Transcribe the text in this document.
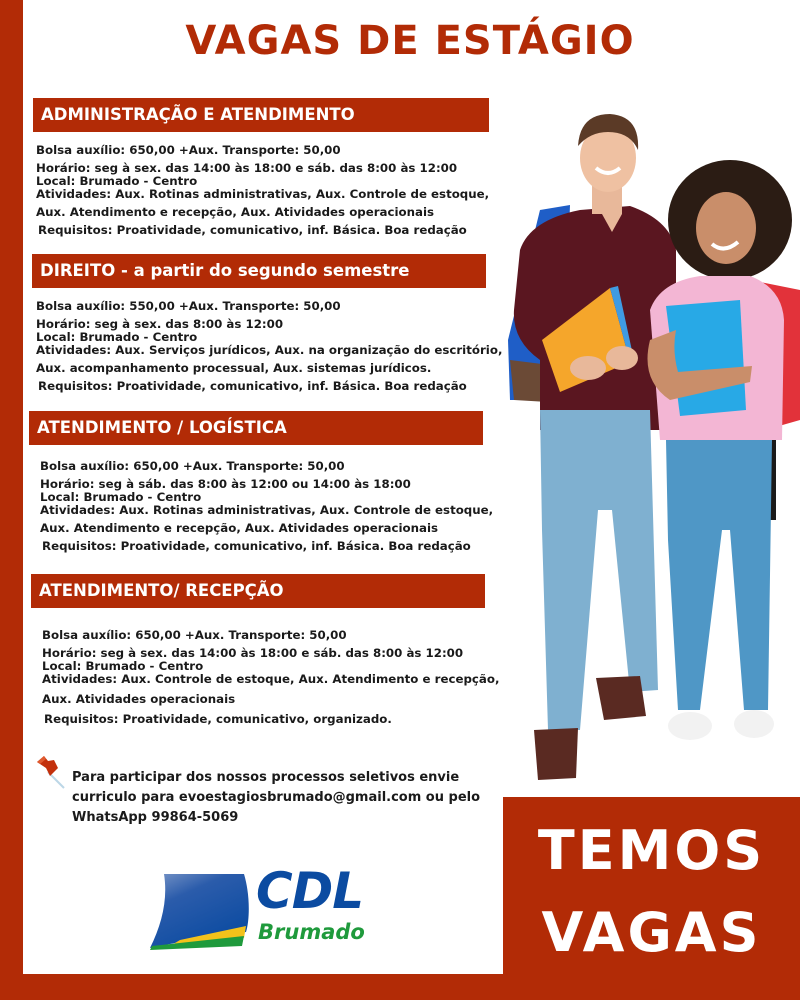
VAGAS DE ESTÁGIO
ADMINISTRAÇÃO E ATENDIMENTO
Bolsa auxílio: 650,00 +Aux. Transporte: 50,00
Horário: seg à sex. das 14:00 às 18:00 e sáb. das 8:00 às 12:00
Local: Brumado - Centro
Atividades: Aux. Rotinas administrativas, Aux. Controle de estoque,
Aux. Atendimento e recepção, Aux. Atividades operacionais
Requisitos: Proatividade, comunicativo, inf. Básica. Boa redação
DIREITO - a partir do segundo semestre
Bolsa auxílio: 550,00 +Aux. Transporte: 50,00
Horário: seg à sex. das 8:00 às 12:00
Local: Brumado - Centro
Atividades: Aux. Serviços jurídicos, Aux. na organização do escritório,
Aux. acompanhamento processual, Aux. sistemas jurídicos.
Requisitos: Proatividade, comunicativo, inf. Básica. Boa redação
ATENDIMENTO / LOGÍSTICA
Bolsa auxílio: 650,00 +Aux. Transporte: 50,00
Horário: seg à sáb. das 8:00 às 12:00 ou 14:00 às 18:00
Local: Brumado - Centro
Atividades: Aux. Rotinas administrativas, Aux. Controle de estoque,
Aux. Atendimento e recepção, Aux. Atividades operacionais
Requisitos: Proatividade, comunicativo, inf. Básica. Boa redação
ATENDIMENTO/ RECEPÇÃO
Bolsa auxílio: 650,00 +Aux. Transporte: 50,00
Horário: seg à sex. das 14:00 às 18:00 e sáb. das 8:00 às 12:00
Local: Brumado - Centro
Atividades: Aux. Controle de estoque, Aux. Atendimento e recepção,
Aux. Atividades operacionais
Requisitos: Proatividade, comunicativo, organizado.
Para participar dos nossos processos seletivos envie
curriculo para evoestagiosbrumado@gmail.com ou pelo
WhatsApp 99864-5069
CDL
Brumado
TEMOS
VAGAS
